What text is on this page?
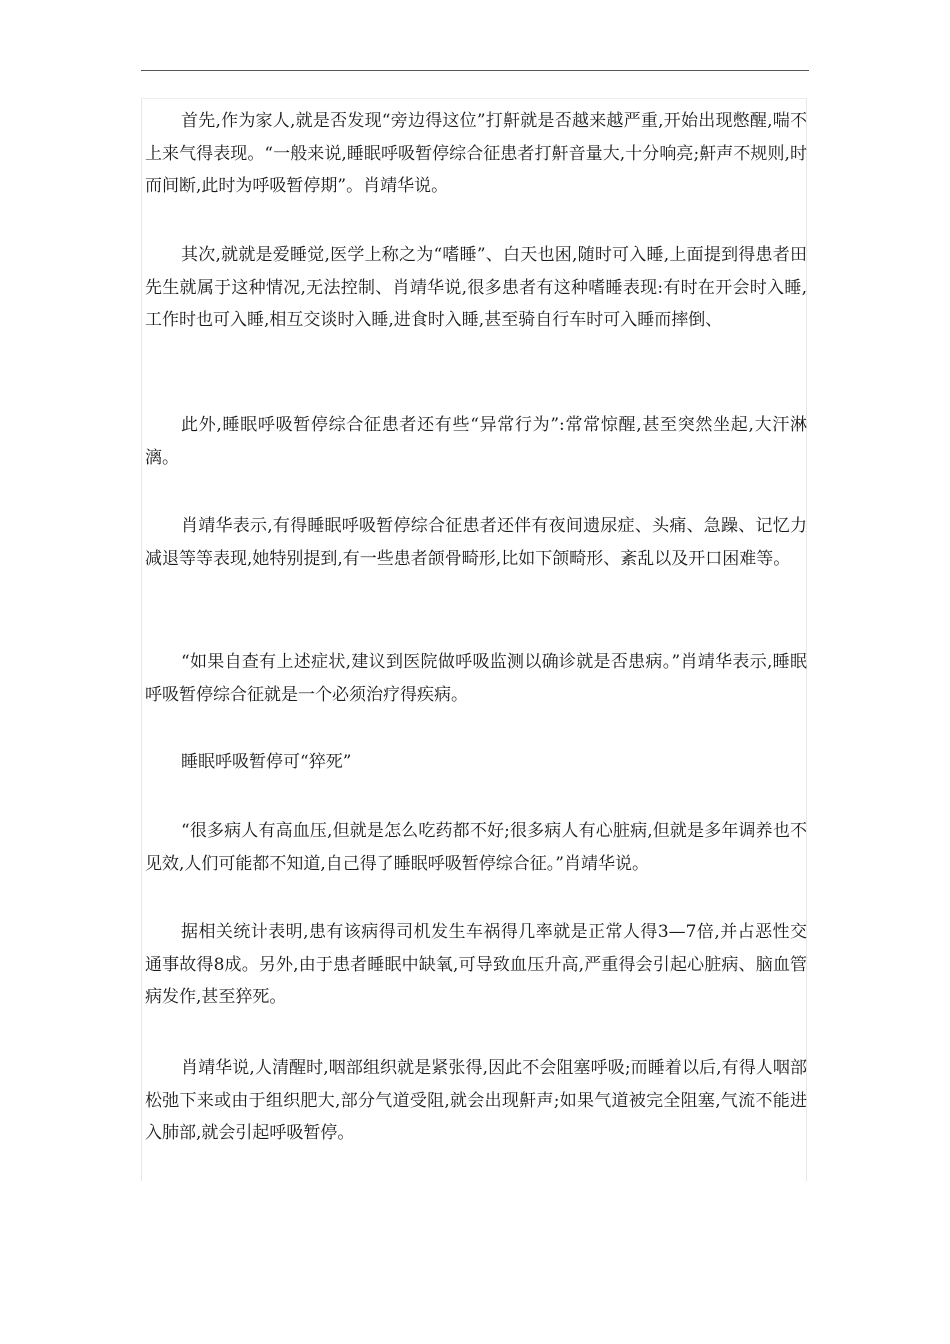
首先,作为家人,就是否发现“旁边得这位”打鼾就是否越来越严重,开始出现憋醒,喘不上来气得表现。“一般来说,睡眠呼吸暂停综合征患者打鼾音量大,十分响亮;鼾声不规则,时而间断,此时为呼吸暂停期”。肖靖华说。

其次,就就是爱睡觉,医学上称之为“嗜睡”、白天也困,随时可入睡,上面提到得患者田先生就属于这种情况,无法控制、肖靖华说,很多患者有这种嗜睡表现:有时在开会时入睡,工作时也可入睡,相互交谈时入睡,进食时入睡,甚至骑自行车时可入睡而摔倒、

此外,睡眠呼吸暂停综合征患者还有些“异常行为”:常常惊醒,甚至突然坐起,大汗淋漓。

肖靖华表示,有得睡眠呼吸暂停综合征患者还伴有夜间遗尿症、头痛、急躁、记忆力减退等等表现,她特别提到,有一些患者颌骨畸形,比如下颌畸形、紊乱以及开口困难等。

“如果自查有上述症状,建议到医院做呼吸监测以确诊就是否患病。”肖靖华表示,睡眠呼吸暂停综合征就是一个必须治疗得疾病。

睡眠呼吸暂停可“猝死”

“很多病人有高血压,但就是怎么吃药都不好;很多病人有心脏病,但就是多年调养也不见效,人们可能都不知道,自己得了睡眠呼吸暂停综合征。”肖靖华说。

据相关统计表明,患有该病得司机发生车祸得几率就是正常人得3—7倍,并占恶性交通事故得8成。另外,由于患者睡眠中缺氧,可导致血压升高,严重得会引起心脏病、脑血管病发作,甚至猝死。

肖靖华说,人清醒时,咽部组织就是紧张得,因此不会阻塞呼吸;而睡着以后,有得人咽部松弛下来或由于组织肥大,部分气道受阻,就会出现鼾声;如果气道被完全阻塞,气流不能进入肺部,就会引起呼吸暂停。
